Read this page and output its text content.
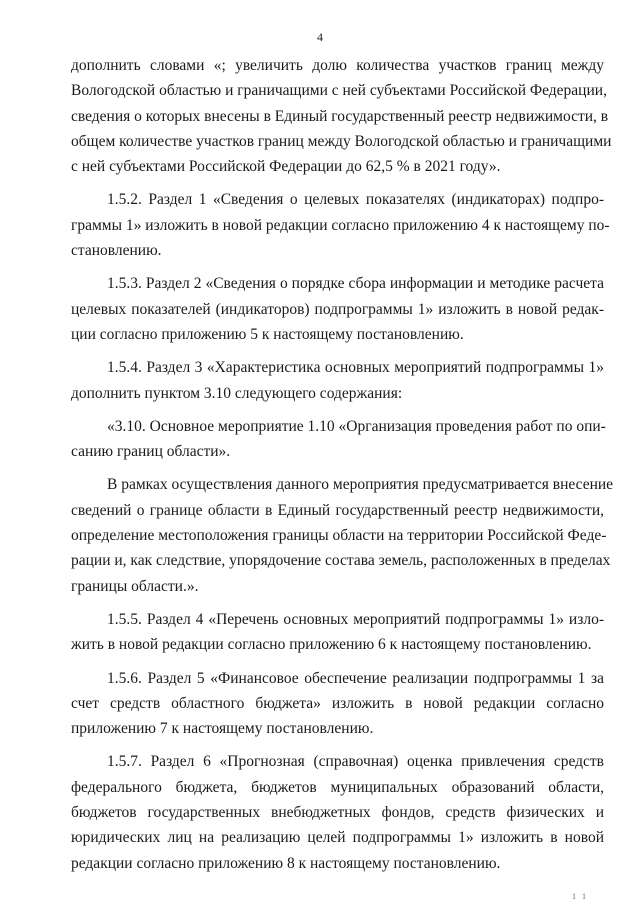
4

дополнить словами «; увеличить долю количества участков границ между
Вологодской областью и граничащими с ней субъектами Российской Федерации,
сведения о которых внесены в Единый государственный реестр недвижимости, в
общем количестве участков границ между Вологодской областью и граничащими
с ней субъектами Российской Федерации до 62,5 % в 2021 году».

1.5.2. Раздел 1 «Сведения о целевых показателях (индикаторах) подпро-
граммы 1» изложить в новой редакции согласно приложению 4 к настоящему по-
становлению.

1.5.3. Раздел 2 «Сведения о порядке сбора информации и методике расчета
целевых показателей (индикаторов) подпрограммы 1» изложить в новой редак-
ции согласно приложению 5 к настоящему постановлению.

1.5.4. Раздел 3 «Характеристика основных мероприятий подпрограммы 1»
дополнить пунктом 3.10 следующего содержания:

«3.10. Основное мероприятие 1.10 «Организация проведения работ по опи-
санию границ области».

В рамках осуществления данного мероприятия предусматривается внесение
сведений о границе области в Единый государственный реестр недвижимости,
определение местоположения границы области на территории Российской Феде-
рации и, как следствие, упорядочение состава земель, расположенных в пределах
границы области.».

1.5.5. Раздел 4 «Перечень основных мероприятий подпрограммы 1» изло-
жить в новой редакции согласно приложению 6 к настоящему постановлению.

1.5.6. Раздел 5 «Финансовое обеспечение реализации подпрограммы 1 за
счет средств областного бюджета» изложить в новой редакции согласно
приложению 7 к настоящему постановлению.

1.5.7. Раздел 6 «Прогнозная (справочная) оценка привлечения средств
федерального бюджета, бюджетов муниципальных образований области,
бюджетов государственных внебюджетных фондов, средств физических и
юридических лиц на реализацию целей подпрограммы 1» изложить в новой
редакции согласно приложению 8 к настоящему постановлению.

1 1
